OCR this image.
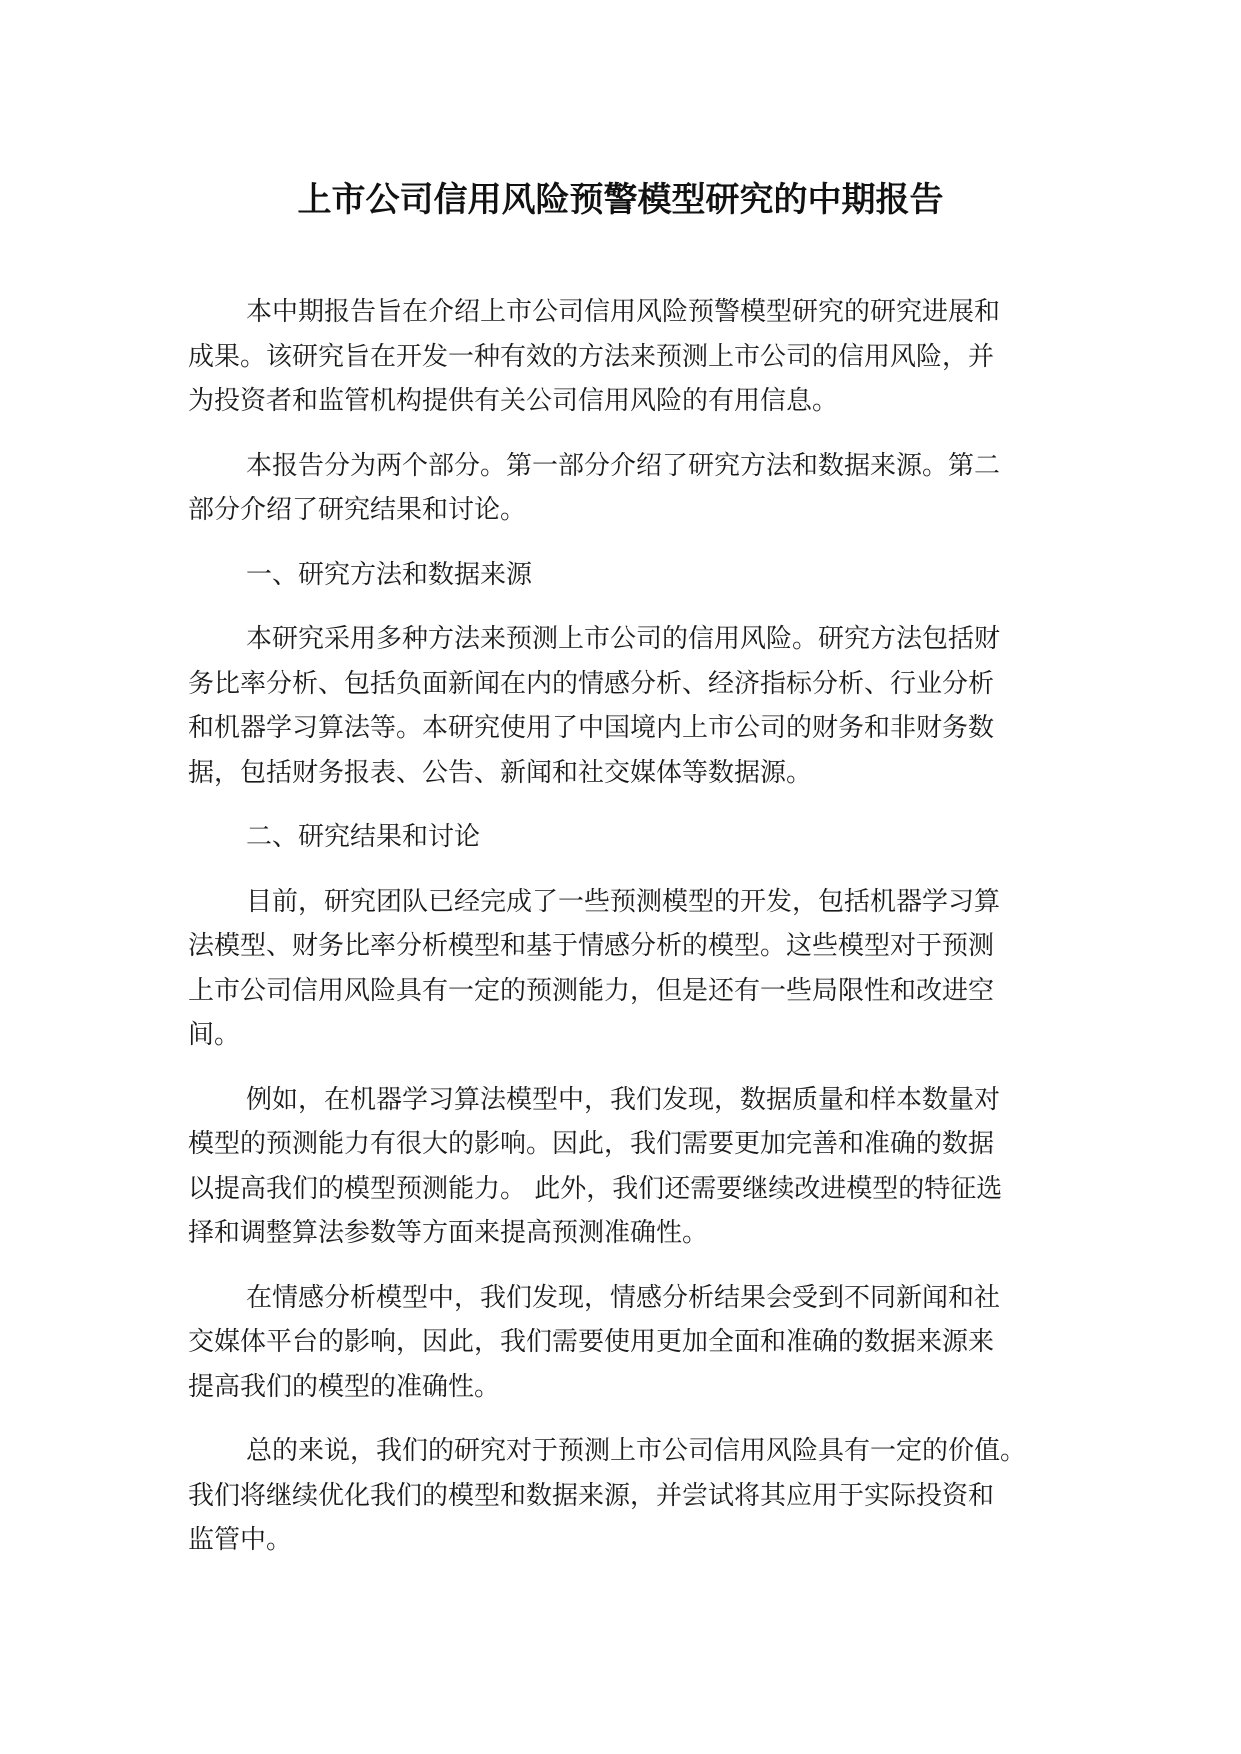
上市公司信用风险预警模型研究的中期报告

本中期报告旨在介绍上市公司信用风险预警模型研究的研究进展和
成果。该研究旨在开发一种有效的方法来预测上市公司的信用风险，并
为投资者和监管机构提供有关公司信用风险的有用信息。

本报告分为两个部分。第一部分介绍了研究方法和数据来源。第二
部分介绍了研究结果和讨论。

一、研究方法和数据来源

本研究采用多种方法来预测上市公司的信用风险。研究方法包括财
务比率分析、包括负面新闻在内的情感分析、经济指标分析、行业分析
和机器学习算法等。本研究使用了中国境内上市公司的财务和非财务数
据，包括财务报表、公告、新闻和社交媒体等数据源。

二、研究结果和讨论

目前，研究团队已经完成了一些预测模型的开发，包括机器学习算
法模型、财务比率分析模型和基于情感分析的模型。这些模型对于预测
上市公司信用风险具有一定的预测能力，但是还有一些局限性和改进空
间。

例如，在机器学习算法模型中，我们发现，数据质量和样本数量对
模型的预测能力有很大的影响。因此，我们需要更加完善和准确的数据
以提高我们的模型预测能力。 此外，我们还需要继续改进模型的特征选
择和调整算法参数等方面来提高预测准确性。

在情感分析模型中，我们发现，情感分析结果会受到不同新闻和社
交媒体平台的影响，因此，我们需要使用更加全面和准确的数据来源来
提高我们的模型的准确性。

总的来说，我们的研究对于预测上市公司信用风险具有一定的价值。
我们将继续优化我们的模型和数据来源，并尝试将其应用于实际投资和
监管中。
